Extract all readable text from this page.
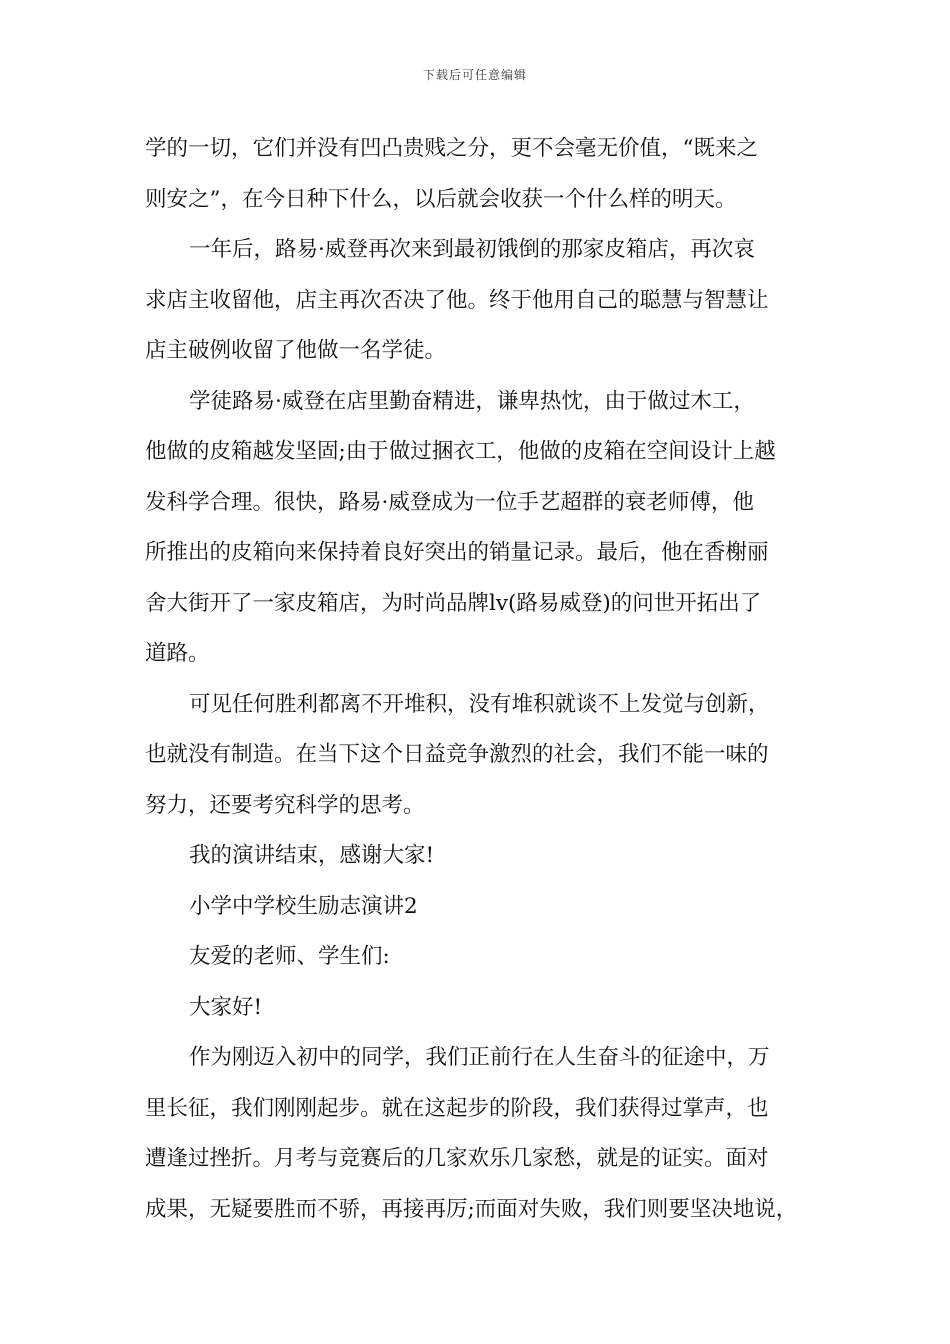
下载后可任意编辑
学的一切，它们并没有凹凸贵贱之分，更不会毫无价值，“既来之
则安之”，在今日种下什么，以后就会收获一个什么样的明天。
一年后，路易·威登再次来到最初饿倒的那家皮箱店，再次哀
求店主收留他，店主再次否决了他。终于他用自己的聪慧与智慧让
店主破例收留了他做一名学徒。
学徒路易·威登在店里勤奋精进，谦卑热忱，由于做过木工，
他做的皮箱越发坚固;由于做过捆衣工，他做的皮箱在空间设计上越
发科学合理。很快，路易·威登成为一位手艺超群的衰老师傅，他
所推出的皮箱向来保持着良好突出的销量记录。最后，他在香榭丽
舍大街开了一家皮箱店，为时尚品牌lv(路易威登)的问世开拓出了
道路。
可见任何胜利都离不开堆积，没有堆积就谈不上发觉与创新，
也就没有制造。在当下这个日益竞争激烈的社会，我们不能一味的
努力，还要考究科学的思考。
我的演讲结束，感谢大家!
小学中学校生励志演讲2
友爱的老师、学生们:
大家好!
作为刚迈入初中的同学，我们正前行在人生奋斗的征途中，万
里长征，我们刚刚起步。就在这起步的阶段，我们获得过掌声，也
遭逢过挫折。月考与竞赛后的几家欢乐几家愁，就是的证实。面对
成果，无疑要胜而不骄，再接再厉;而面对失败，我们则要坚决地说，
